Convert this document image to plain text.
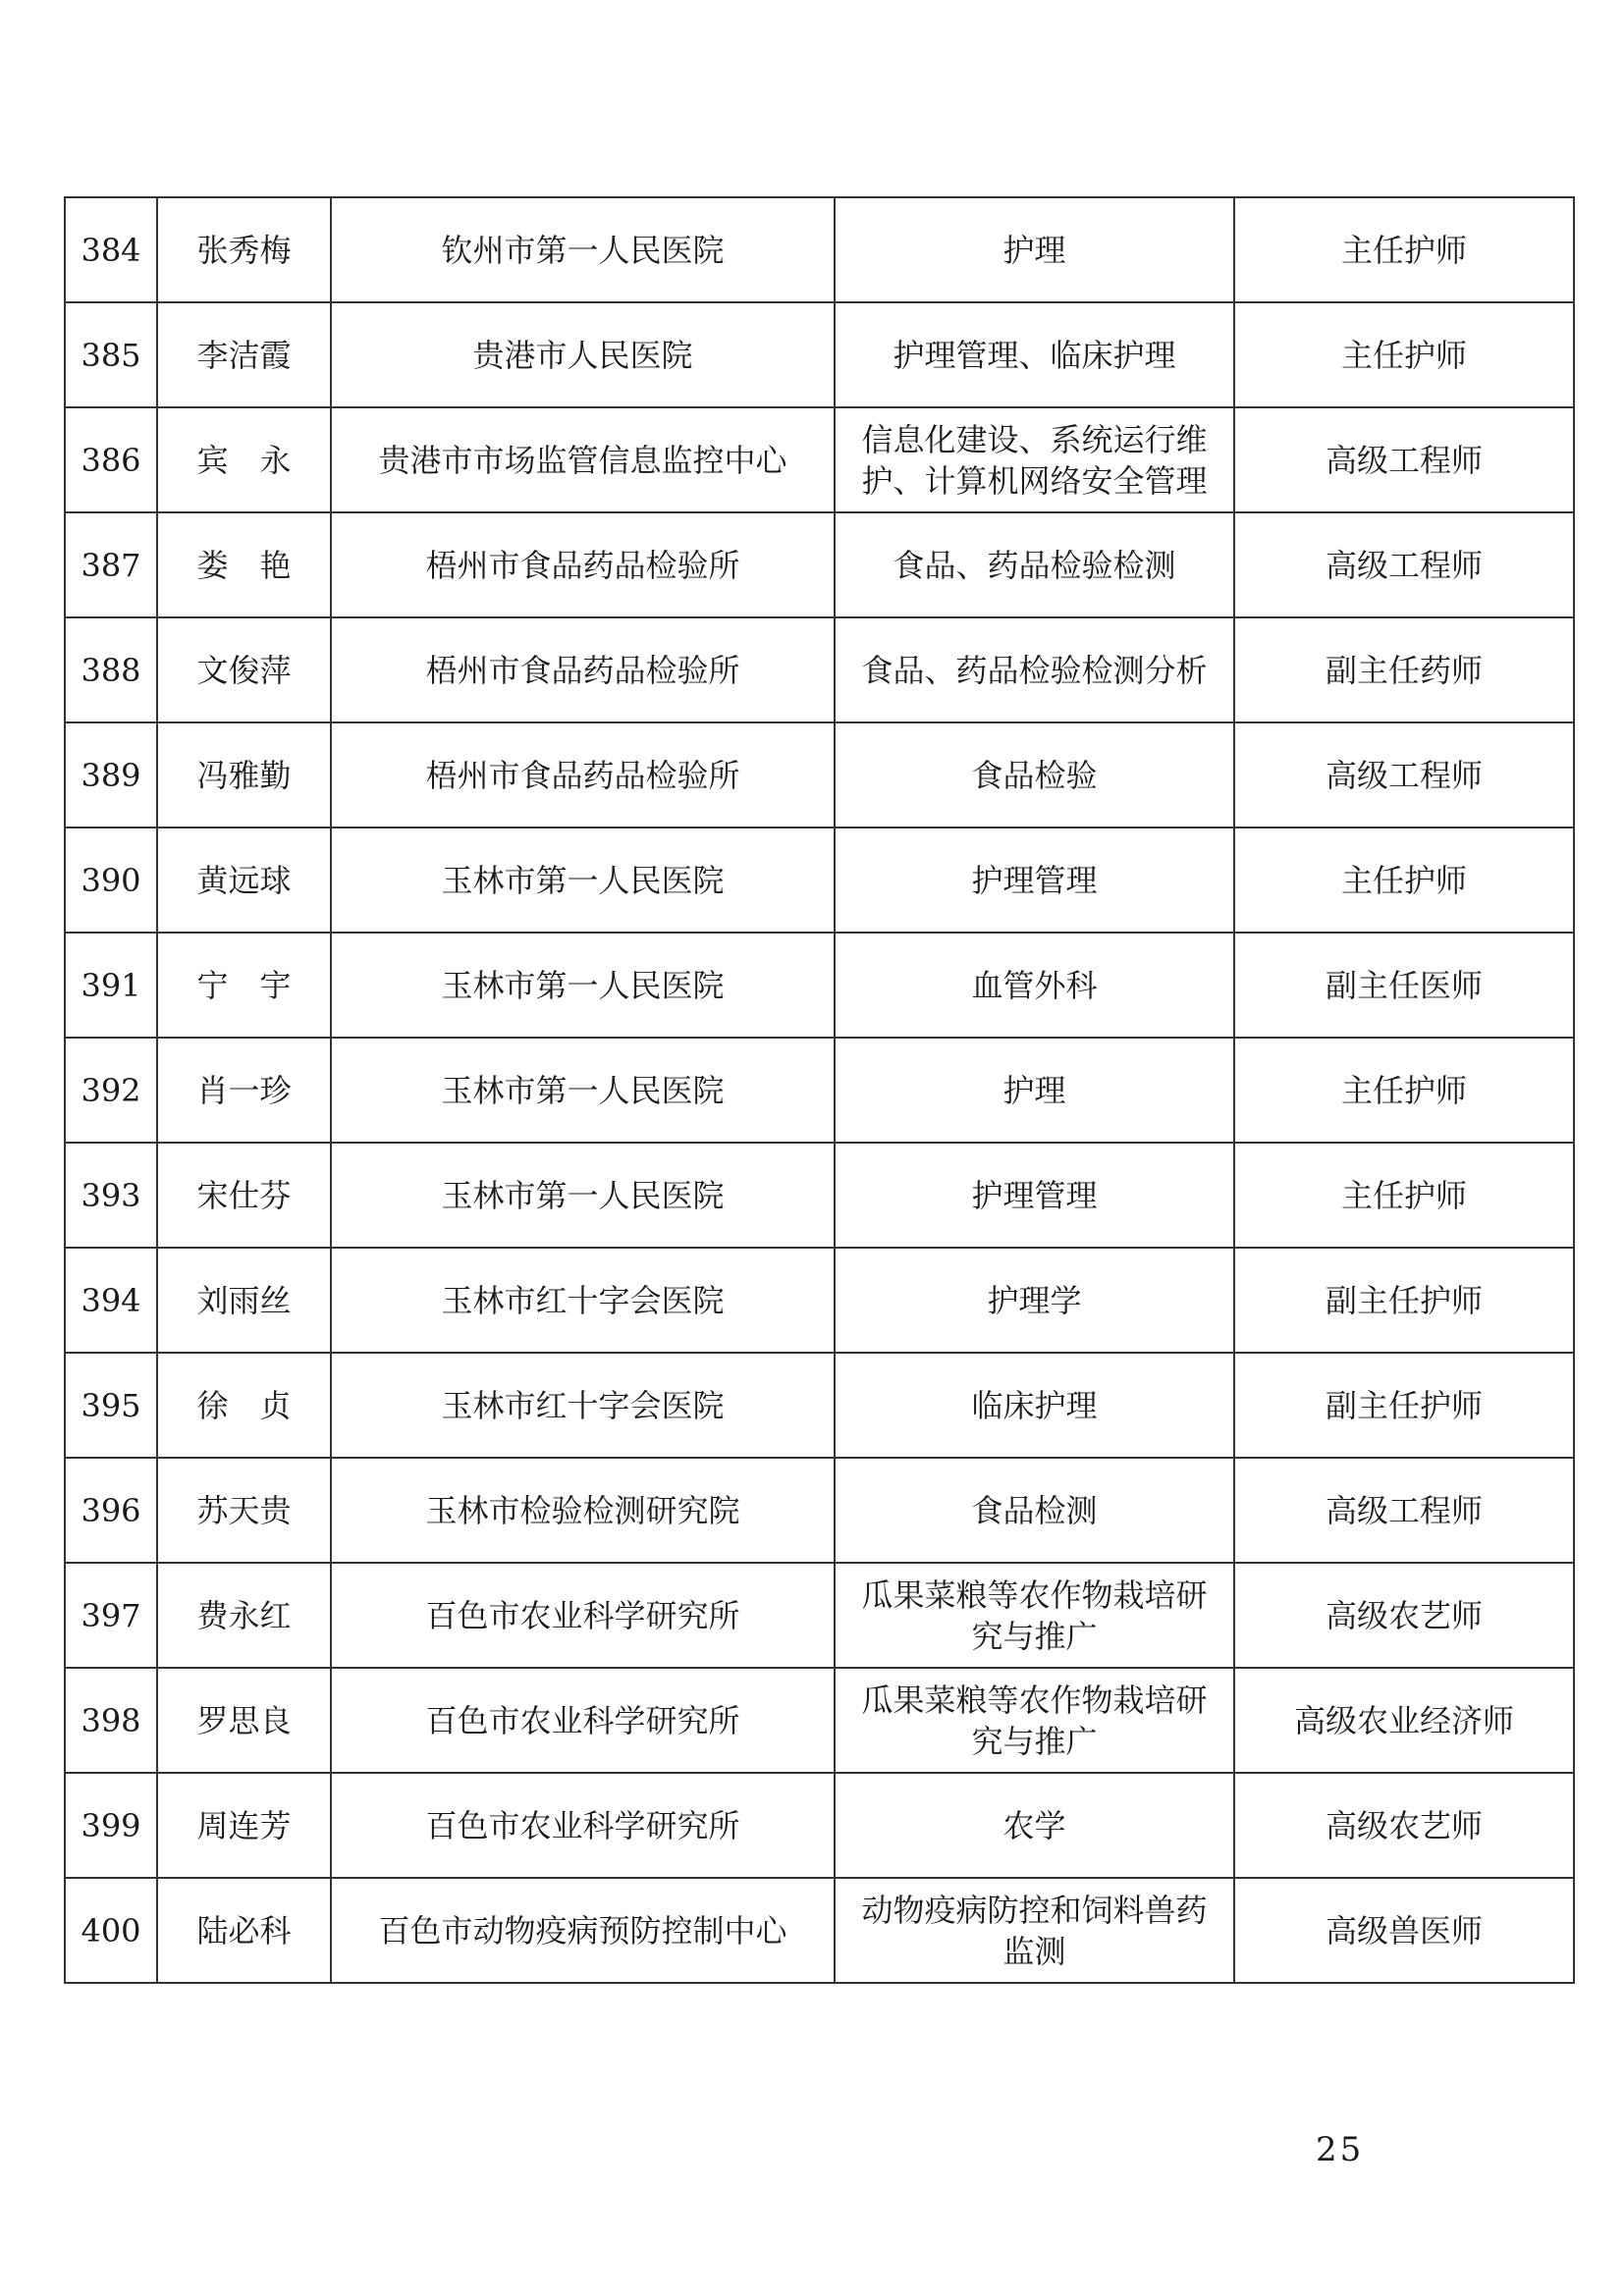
384	张秀梅	钦州市第一人民医院	护理	主任护师
385	李洁霞	贵港市人民医院	护理管理、临床护理	主任护师
386	宾　永	贵港市市场监管信息监控中心	信息化建设、系统运行维护、计算机网络安全管理	高级工程师
387	娄　艳	梧州市食品药品检验所	食品、药品检验检测	高级工程师
388	文俊萍	梧州市食品药品检验所	食品、药品检验检测分析	副主任药师
389	冯雅勤	梧州市食品药品检验所	食品检验	高级工程师
390	黄远球	玉林市第一人民医院	护理管理	主任护师
391	宁　宇	玉林市第一人民医院	血管外科	副主任医师
392	肖一珍	玉林市第一人民医院	护理	主任护师
393	宋仕芬	玉林市第一人民医院	护理管理	主任护师
394	刘雨丝	玉林市红十字会医院	护理学	副主任护师
395	徐　贞	玉林市红十字会医院	临床护理	副主任护师
396	苏天贵	玉林市检验检测研究院	食品检测	高级工程师
397	费永红	百色市农业科学研究所	瓜果菜粮等农作物栽培研究与推广	高级农艺师
398	罗思良	百色市农业科学研究所	瓜果菜粮等农作物栽培研究与推广	高级农业经济师
399	周连芳	百色市农业科学研究所	农学	高级农艺师
400	陆必科	百色市动物疫病预防控制中心	动物疫病防控和饲料兽药监测	高级兽医师
25
